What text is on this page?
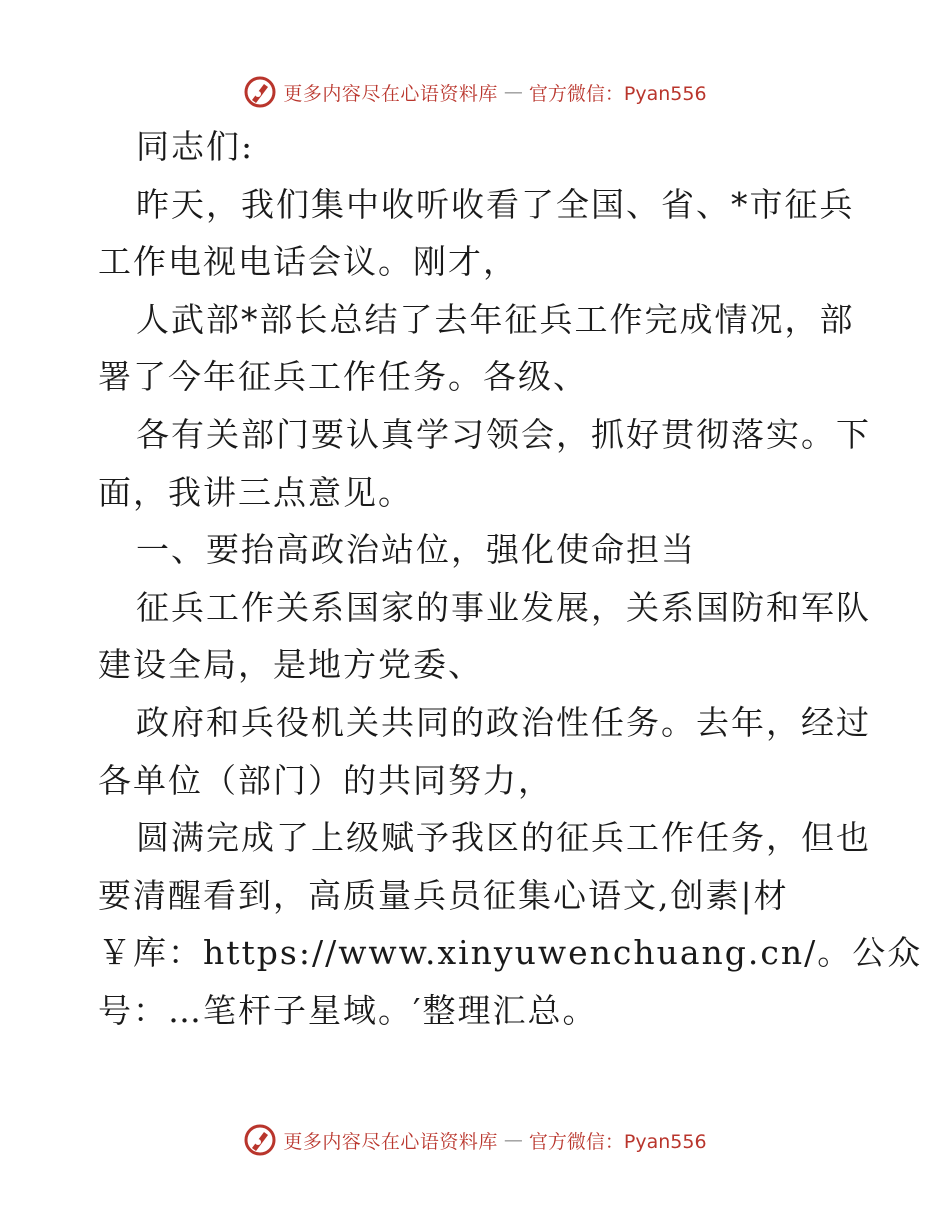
更多内容尽在心语资料库 — 官方微信：Pyan556
同志们:
昨天，我们集中收听收看了全国、省、*市征兵
工作电视电话会议。刚才，
人武部*部长总结了去年征兵工作完成情况，部
署了今年征兵工作任务。各级、
各有关部门要认真学习领会，抓好贯彻落实。下
面，我讲三点意见。
一、要抬高政治站位，强化使命担当
征兵工作关系国家的事业发展，关系国防和军队
建设全局，是地方党委、
政府和兵役机关共同的政治性任务。去年，经过
各单位（部门）的共同努力，
圆满完成了上级赋予我区的征兵工作任务，但也
要清醒看到，高质量兵员征集心语文,创素|材
￥库：https://www.xinyuwenchuang.cn/。公众
号：…笔杆子星域。′整理汇总。
更多内容尽在心语资料库 — 官方微信：Pyan556
